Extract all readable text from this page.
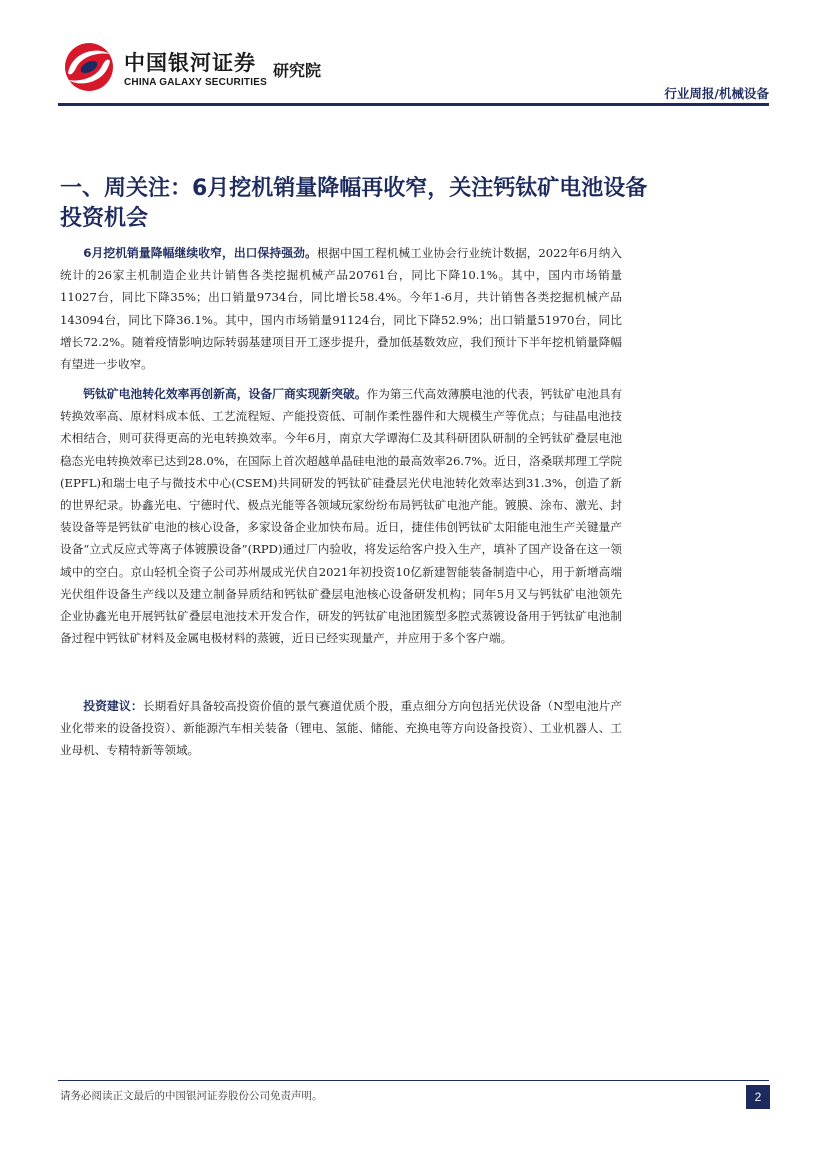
中国银河证券 研究院
CHINA GALAXY SECURITIES
行业周报/机械设备
一、周关注：6月挖机销量降幅再收窄，关注钙钛矿电池设备投资机会

6月挖机销量降幅继续收窄，出口保持强劲。根据中国工程机械工业协会行业统计数据，2022年6月纳入统计的26家主机制造企业共计销售各类挖掘机械产品20761台，同比下降10.1%。其中，国内市场销量11027台，同比下降35%；出口销量9734台，同比增长58.4%。今年1-6月，共计销售各类挖掘机械产品143094台，同比下降36.1%。其中，国内市场销量91124台，同比下降52.9%；出口销量51970台，同比增长72.2%。随着疫情影响边际转弱基建项目开工逐步提升，叠加低基数效应，我们预计下半年挖机销量降幅有望进一步收窄。

钙钛矿电池转化效率再创新高，设备厂商实现新突破。作为第三代高效薄膜电池的代表，钙钛矿电池具有转换效率高、原材料成本低、工艺流程短、产能投资低、可制作柔性器件和大规模生产等优点；与硅晶电池技术相结合，则可获得更高的光电转换效率。今年6月，南京大学谭海仁及其科研团队研制的全钙钛矿叠层电池稳态光电转换效率已达到28.0%，在国际上首次超越单晶硅电池的最高效率26.7%。近日，洛桑联邦理工学院(EPFL)和瑞士电子与微技术中心(CSEM)共同研发的钙钛矿硅叠层光伏电池转化效率达到31.3%，创造了新的世界纪录。协鑫光电、宁德时代、极点光能等各领域玩家纷纷布局钙钛矿电池产能。镀膜、涂布、激光、封装设备等是钙钛矿电池的核心设备，多家设备企业加快布局。近日，捷佳伟创钙钛矿太阳能电池生产关键量产设备“立式反应式等离子体镀膜设备”(RPD)通过厂内验收，将发运给客户投入生产，填补了国产设备在这一领域中的空白。京山轻机全资子公司苏州晟成光伏自2021年初投资10亿新建智能装备制造中心，用于新增高端光伏组件设备生产线以及建立制备异质结和钙钛矿叠层电池核心设备研发机构；同年5月又与钙钛矿电池领先企业协鑫光电开展钙钛矿叠层电池技术开发合作，研发的钙钛矿电池团簇型多腔式蒸镀设备用于钙钛矿电池制备过程中钙钛矿材料及金属电极材料的蒸镀，近日已经实现量产，并应用于多个客户端。

投资建议：长期看好具备较高投资价值的景气赛道优质个股，重点细分方向包括光伏设备（N型电池片产业化带来的设备投资）、新能源汽车相关装备（锂电、氢能、储能、充换电等方向设备投资）、工业机器人、工业母机、专精特新等领域。

请务必阅读正文最后的中国银河证券股份公司免责声明。	2
